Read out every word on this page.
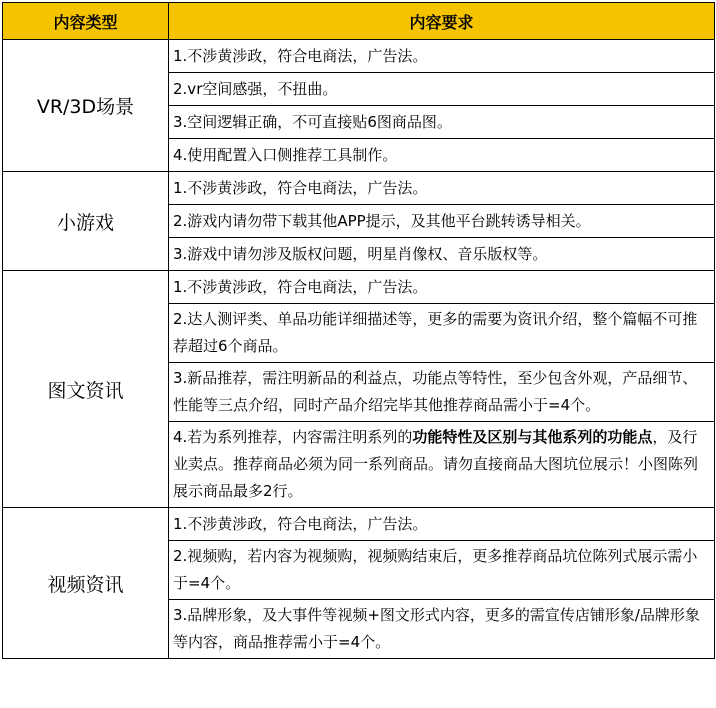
内容类型	内容要求
VR/3D场景	1.不涉黄涉政，符合电商法，广告法。
	2.vr空间感强，不扭曲。
	3.空间逻辑正确，不可直接贴6图商品图。
	4.使用配置入口侧推荐工具制作。
小游戏	1.不涉黄涉政，符合电商法，广告法。
	2.游戏内请勿带下载其他APP提示，及其他平台跳转诱导相关。
	3.游戏中请勿涉及版权问题，明星肖像权、音乐版权等。
图文资讯	1.不涉黄涉政，符合电商法，广告法。
	2.达人测评类、单品功能详细描述等，更多的需要为资讯介绍，整个篇幅不可推荐超过6个商品。
	3.新品推荐，需注明新品的利益点，功能点等特性，至少包含外观，产品细节、性能等三点介绍，同时产品介绍完毕其他推荐商品需小于=4个。
	4.若为系列推荐，内容需注明系列的功能特性及区别与其他系列的功能点，及行业卖点。推荐商品必须为同一系列商品。请勿直接商品大图坑位展示！小图陈列展示商品最多2行。
视频资讯	1.不涉黄涉政，符合电商法，广告法。
	2.视频购，若内容为视频购，视频购结束后，更多推荐商品坑位陈列式展示需小于=4个。
	3.品牌形象，及大事件等视频+图文形式内容，更多的需宣传店铺形象/品牌形象等内容，商品推荐需小于=4个。
